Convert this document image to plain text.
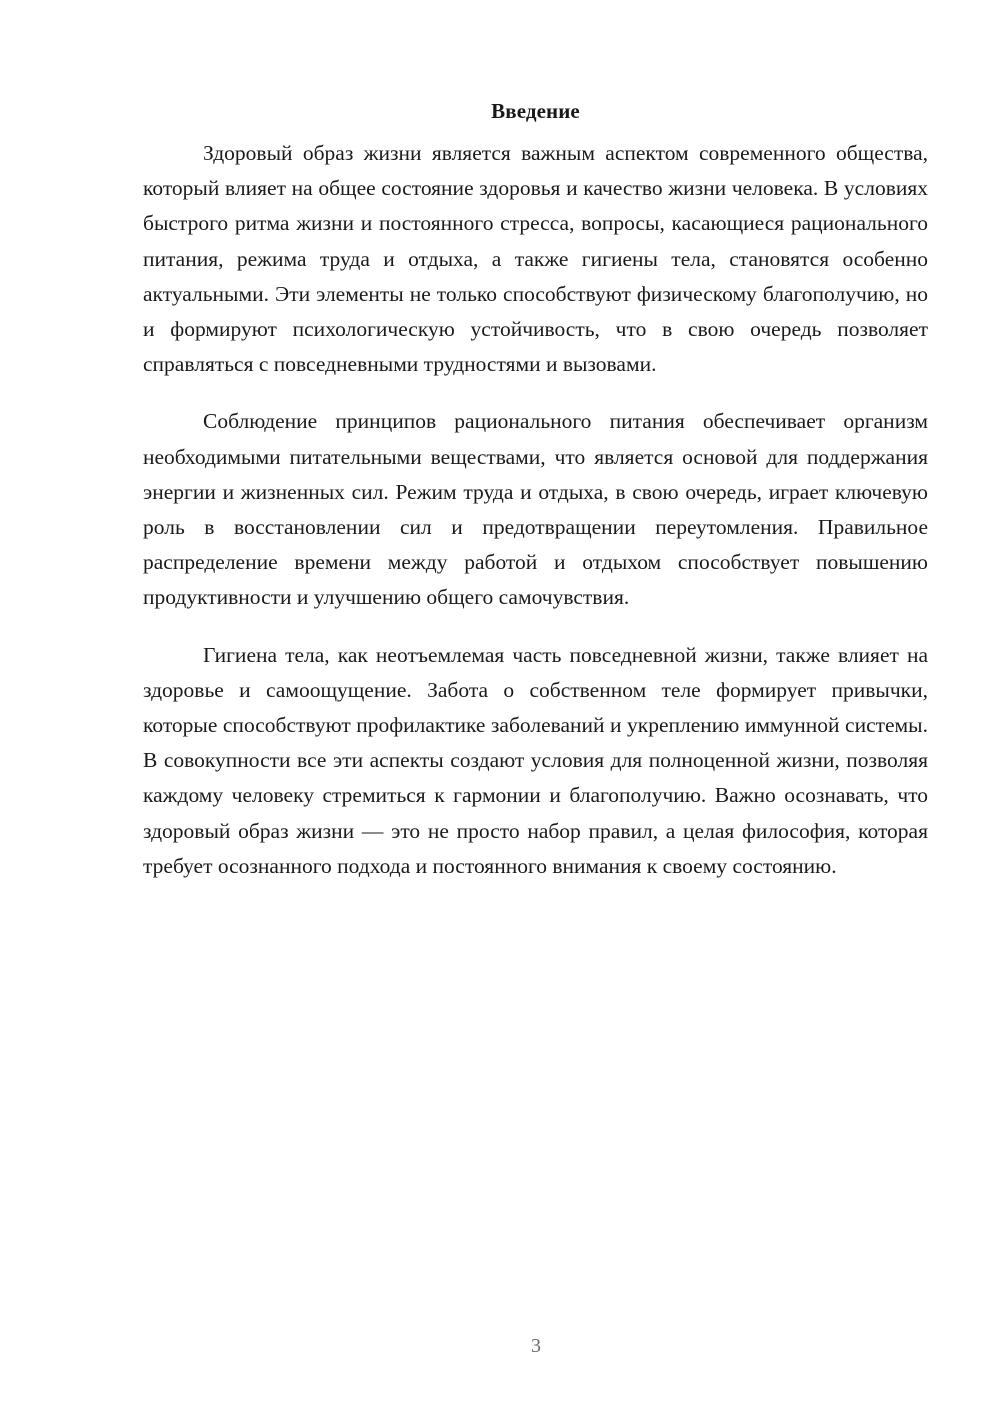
Введение

Здоровый образ жизни является важным аспектом современного общества, который влияет на общее состояние здоровья и качество жизни человека. В условиях быстрого ритма жизни и постоянного стресса, вопросы, касающиеся рационального питания, режима труда и отдыха, а также гигиены тела, становятся особенно актуальными. Эти элементы не только способствуют физическому благополучию, но и формируют психологическую устойчивость, что в свою очередь позволяет справляться с повседневными трудностями и вызовами.

Соблюдение принципов рационального питания обеспечивает организм необходимыми питательными веществами, что является основой для поддержания энергии и жизненных сил. Режим труда и отдыха, в свою очередь, играет ключевую роль в восстановлении сил и предотвращении переутомления. Правильное распределение времени между работой и отдыхом способствует повышению продуктивности и улучшению общего самочувствия.

Гигиена тела, как неотъемлемая часть повседневной жизни, также влияет на здоровье и самоощущение. Забота о собственном теле формирует привычки, которые способствуют профилактике заболеваний и укреплению иммунной системы. В совокупности все эти аспекты создают условия для полноценной жизни, позволяя каждому человеку стремиться к гармонии и благополучию. Важно осознавать, что здоровый образ жизни — это не просто набор правил, а целая философия, которая требует осознанного подхода и постоянного внимания к своему состоянию.

3
